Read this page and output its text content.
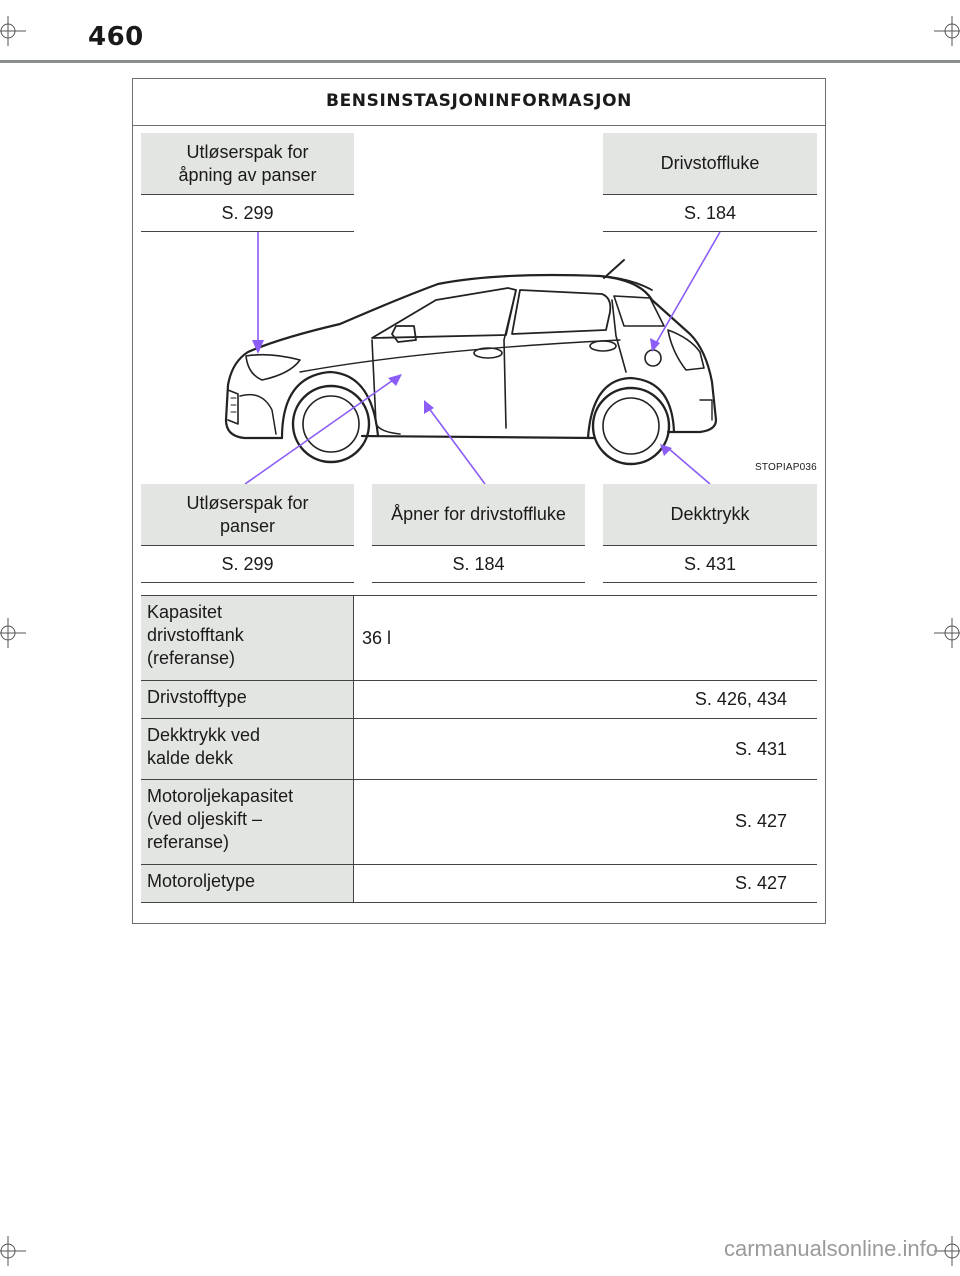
460
BENSINSTASJONINFORMASJON
Utløserspak for
åpning av panser
S. 299
Drivstoffluke
S. 184
STOPIAP036
Utløserspak for
panser
S. 299
Åpner for drivstoffluke
S. 184
Dekktrykk
S. 431
Kapasitet
drivstofftank
(referanse)
36 l
Drivstofftype	S. 426, 434
Dekktrykk ved
kalde dekk	S. 431
Motoroljekapasitet
(ved oljeskift –
referanse)
S. 427
Motoroljetype	S. 427
carmanualsonline.info
